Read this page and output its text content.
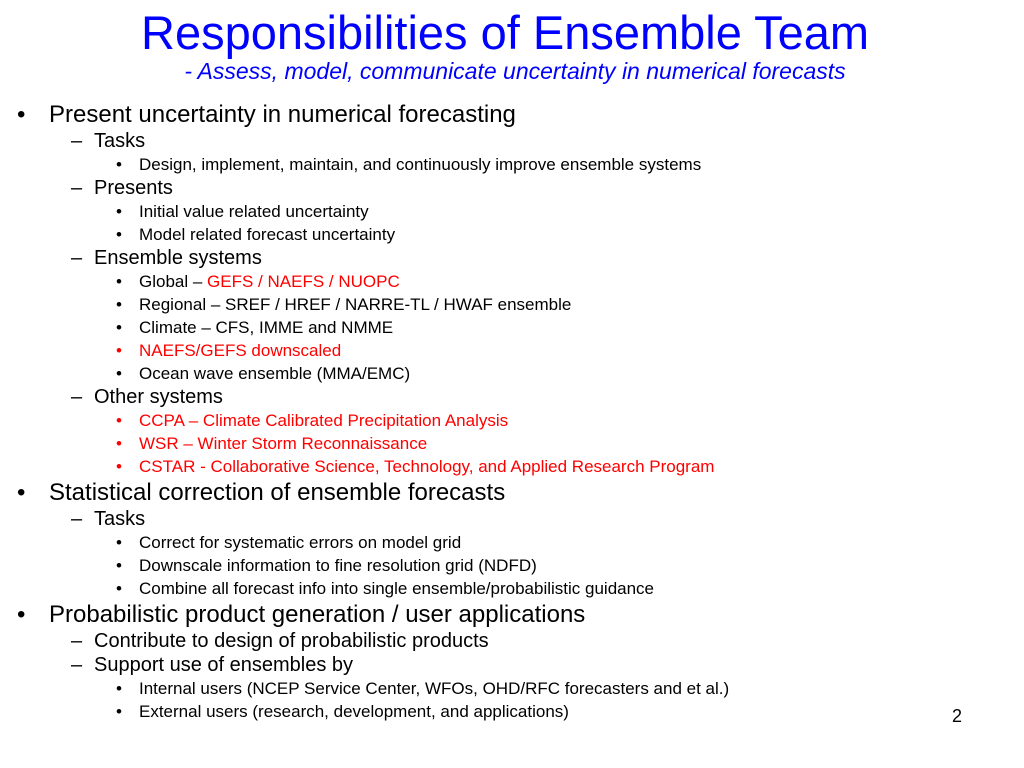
Responsibilities of Ensemble Team
- Assess, model, communicate uncertainty in numerical forecasts
• Present uncertainty in numerical forecasting
– Tasks
• Design, implement, maintain, and continuously improve ensemble systems
– Presents
• Initial value related uncertainty
• Model related forecast uncertainty
– Ensemble systems
• Global – GEFS / NAEFS / NUOPC
• Regional – SREF / HREF / NARRE-TL / HWAF ensemble
• Climate – CFS, IMME and NMME
• NAEFS/GEFS downscaled
• Ocean wave ensemble (MMA/EMC)
– Other systems
• CCPA – Climate Calibrated Precipitation Analysis
• WSR – Winter Storm Reconnaissance
• CSTAR - Collaborative Science, Technology, and Applied Research Program
• Statistical correction of ensemble forecasts
– Tasks
• Correct for systematic errors on model grid
• Downscale information to fine resolution grid (NDFD)
• Combine all forecast info into single ensemble/probabilistic guidance
• Probabilistic product generation / user applications
– Contribute to design of probabilistic products
– Support use of ensembles by
• Internal users (NCEP Service Center, WFOs, OHD/RFC forecasters and et al.)
• External users (research, development, and applications)	2
